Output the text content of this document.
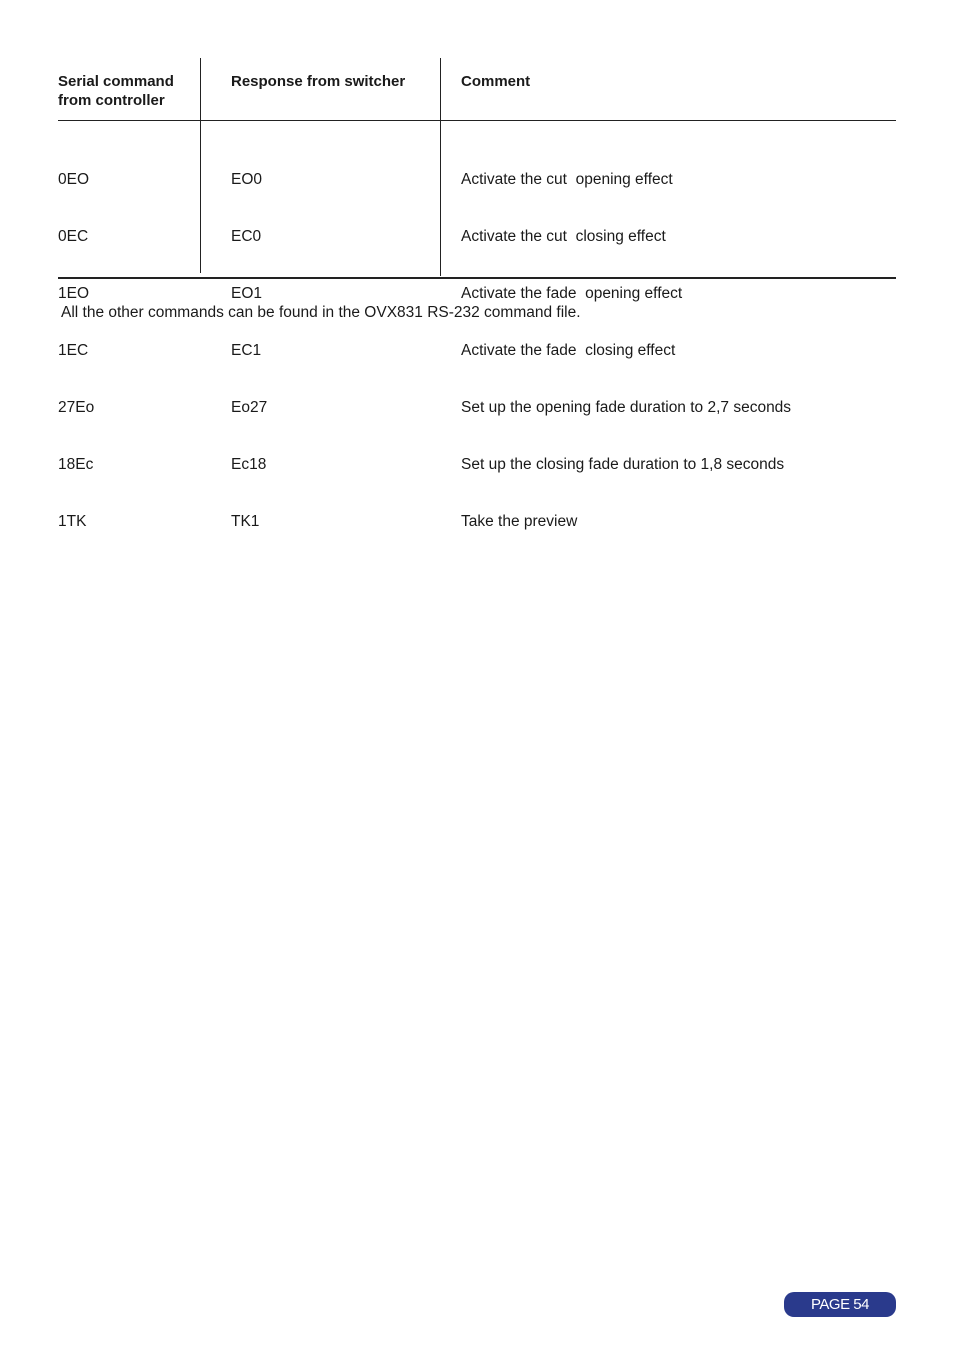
Serial command
from controller
Response from switcher	Comment

0EO

0EC

1EO

1EC

27Eo

18Ec

1TK

EO0

EC0

EO1

EC1

Eo27

Ec18

TK1

Activate the cut  opening effect

Activate the cut  closing effect

Activate the fade  opening effect

Activate the fade  closing effect

Set up the opening fade duration to 2,7 seconds

Set up the closing fade duration to 1,8 seconds

Take the preview

All the other commands can be found in the OVX831 RS-232 command file.
PAGE 54
